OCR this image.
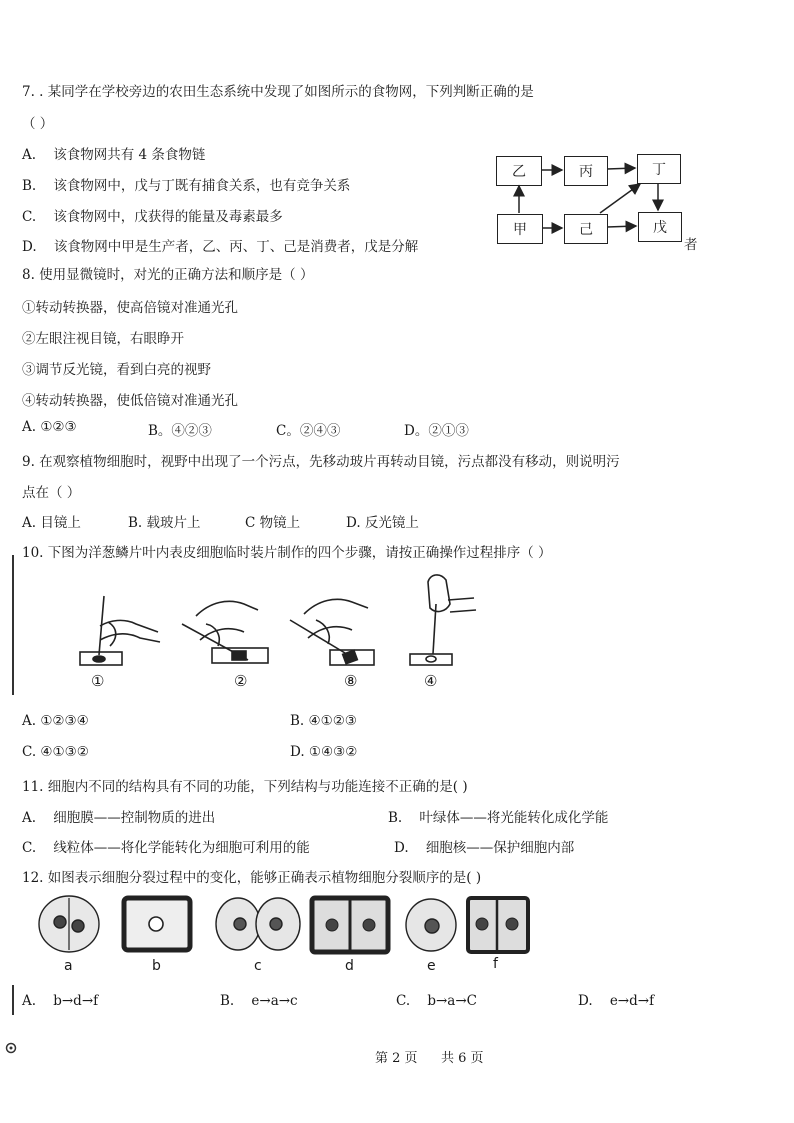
7. . 某同学在学校旁边的农田生态系统中发现了如图所示的食物网，下列判断正确的是
（ ）
A. 该食物网共有 4 条食物链
B. 该食物网中，戊与丁既有捕食关系，也有竞争关系
C. 该食物网中，戊获得的能量及毒素最多
D. 该食物网中甲是生产者，乙、丙、丁、己是消费者，戊是分解	者
乙	丙	丁
甲	己	戊
8. 使用显微镜时，对光的正确方法和顺序是（ ）
①转动转换器，使高倍镜对准通光孔
②左眼注视目镜，右眼睁开
③调节反光镜，看到白亮的视野
④转动转换器，使低倍镜对准通光孔
A. ①②③	B。④②③	C。②④③	D。②①③
9. 在观察植物细胞时，视野中出现了一个污点，先移动玻片再转动目镜，污点都没有移动，则说明污
点在（ ）
A. 目镜上	B. 载玻片上	C 物镜上	D. 反光镜上
10. 下图为洋葱鳞片叶内表皮细胞临时装片制作的四个步骤，请按正确操作过程排序（ ）
①	②	⑧	④
A. ①②③④	B. ④①②③
C. ④①③②	D. ①④③②
11. 细胞内不同的结构具有不同的功能，下列结构与功能连接不正确的是( )
A. 细胞膜——控制物质的进出	B. 叶绿体——将光能转化成化学能
C. 线粒体——将化学能转化为细胞可利用的能	D. 细胞核——保护细胞内部
12. 如图表示细胞分裂过程中的变化，能够正确表示植物细胞分裂顺序的是( )
a	b	c	d	e	f
A. b→d→f	B. e→a→c	C. b→a→C	D. e→d→f
第 2 页 共 6 页
